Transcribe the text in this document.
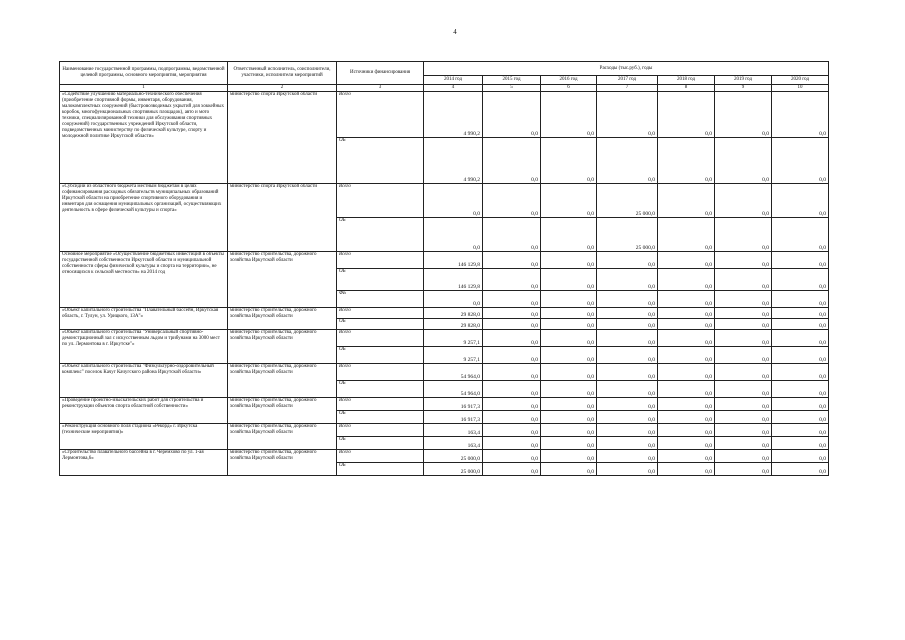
4
Наименование государственной программы, подпрограммы, ведомственной целевой программы, основного мероприятия, мероприятия	Ответственный исполнитель, соисполнители, участники, исполнители мероприятий	Источники финансирования	Расходы (тыс.руб.), годы						
			2014 год	2015 год	2016 год	2017 год	2018 год	2019 год	2020 год
1	2	3	4	5	6	7	8	9	10
«Содействие улучшению материально-технического обеспечения (приобретение спортивной формы, инвентаря, оборудования, малокомплектных сооружений (быстровозводимых укрытий для хоккейных коробок, многофункциональных спортивных площадок), авто и мото техники, специализированной техники для обслуживания спортивных сооружений) государственных учреждений Иркутской области, подведомственных министерству по физической культуре, спорту и молодежной политике Иркутской области»	министерство спорта Иркутской области	Всего	4 990,2	0,0	0,0	0,0	0,0	0,0	0,0
		ОБ	4 990,2	0,0	0,0	0,0	0,0	0,0	0,0
«Субсидии из областного бюджета местным бюджетам в целях софинансирования расходных обязательств муниципальных образований Иркутской области на приобретение спортивного оборудования и инвентаря для оснащения муниципальных организаций, осуществляющих деятельность в сфере физической культуры и спорта»	министерство спорта Иркутской области	Всего	0,0	0,0	0,0	25 000,0	0,0	0,0	0,0
		ОБ	0,0	0,0	0,0	25 000,0	0,0	0,0	0,0
Основное мероприятие «Осуществление бюджетных инвестиций в объекты государственной собственности Иркутской области и муниципальной собственности сферы физической культуры и спорта на территории», не относящихся к сельской местности» на 2014 год	министерство строительства, дорожного хозяйства Иркутской области	Всего	146 129,8	0,0	0,0	0,0	0,0	0,0	0,0
		ОБ	146 129,8	0,0	0,0	0,0	0,0	0,0	0,0
		ФБ	0,0	0,0	0,0	0,0	0,0	0,0	0,0
«Объект капитального строительства "Плавательный бассейн, Иркутская область, г. Тулун, ул. Урицкого, 13А"»	министерство строительства, дорожного хозяйства Иркутской области	Всего	29 828,0	0,0	0,0	0,0	0,0	0,0	0,0
		ОБ	29 828,0	0,0	0,0	0,0	0,0	0,0	0,0
«Объект капитального строительства "Универсальный спортивно-демонстрационный зал с искусственным льдом и трибунами на 3000 мест по ул. Лермонтова в г. Иркутске"»	министерство строительства, дорожного хозяйства Иркутской области	Всего	9 257,1	0,0	0,0	0,0	0,0	0,0	0,0
		ОБ	9 257,1	0,0	0,0	0,0	0,0	0,0	0,0
«Объект капитального строительства "Физкультурно-оздоровительный комплекс" поселок Качуг Качугского района Иркутской области»	министерство строительства, дорожного хозяйства Иркутской области	Всего	54 964,0	0,0	0,0	0,0	0,0	0,0	0,0
		ОБ	54 964,0	0,0	0,0	0,0	0,0	0,0	0,0
«Проведение проектно-изыскательских работ для строительства и реконструкции объектов спорта областной собственности»	министерство строительства, дорожного хозяйства Иркутской области	Всего	16 917,3	0,0	0,0	0,0	0,0	0,0	0,0
		ОБ	16 917,3	0,0	0,0	0,0	0,0	0,0	0,0
«Реконструкция основного поля стадиона «Рекорд» г. Иркутска (технические мероприятия)»	министерство строительства, дорожного хозяйства Иркутской области	Всего	163,4	0,0	0,0	0,0	0,0	0,0	0,0
		ОБ	163,4	0,0	0,0	0,0	0,0	0,0	0,0
«Строительство плавательного бассейна в г. Черемхово по ул. 1-ая Лермонтова,6»	министерство строительства, дорожного хозяйства Иркутской области	Всего	25 000,0	0,0	0,0	0,0	0,0	0,0	0,0
		ОБ	25 000,0	0,0	0,0	0,0	0,0	0,0	0,0
